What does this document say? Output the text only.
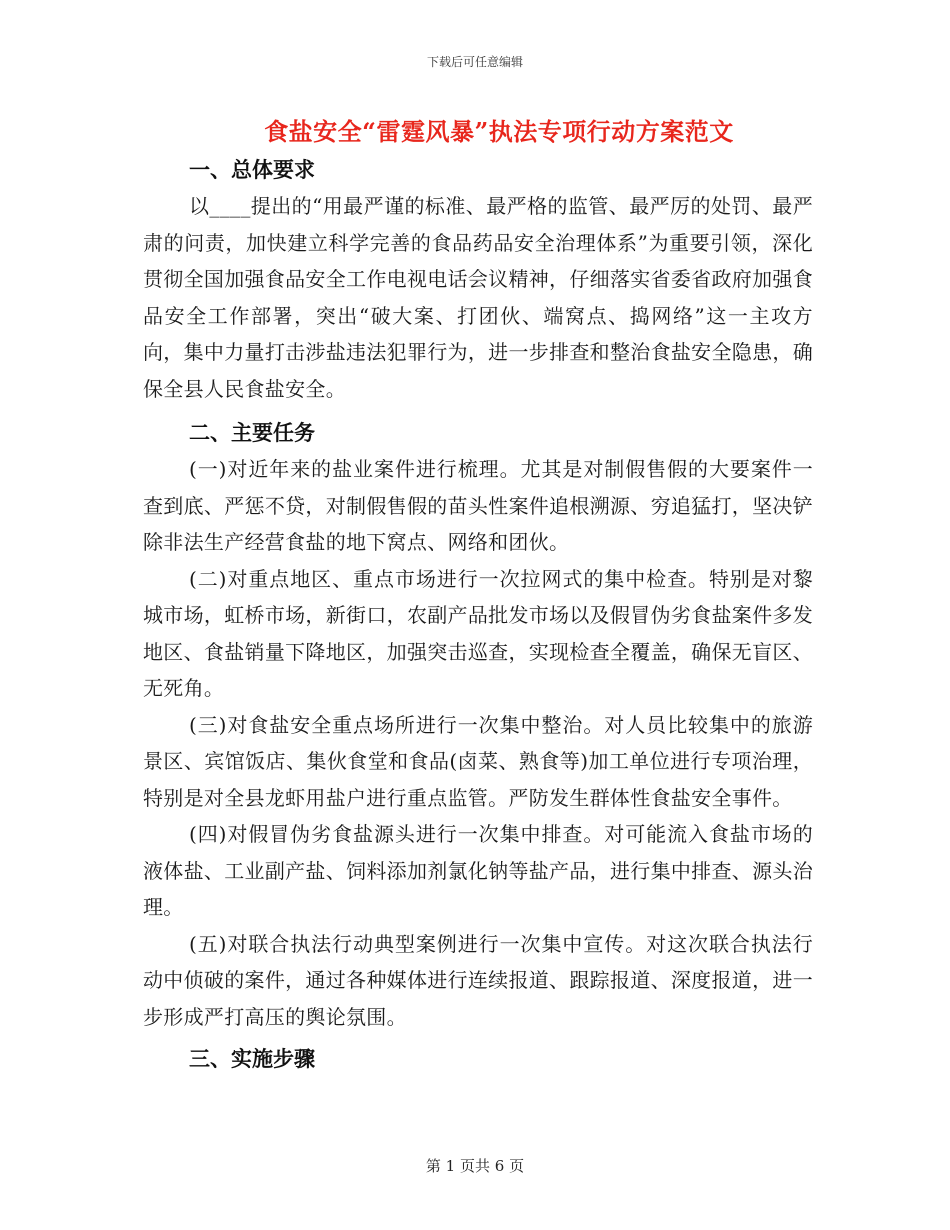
下载后可任意编辑
食盐安全“雷霆风暴”执法专项行动方案范文

一、总体要求

以____提出的“用最严谨的标准、最严格的监管、最严厉的处罚、最严肃的问责，加快建立科学完善的食品药品安全治理体系”为重要引领，深化贯彻全国加强食品安全工作电视电话会议精神，仔细落实省委省政府加强食品安全工作部署，突出“破大案、打团伙、端窝点、捣网络”这一主攻方向，集中力量打击涉盐违法犯罪行为，进一步排查和整治食盐安全隐患，确保全县人民食盐安全。

二、主要任务

(一)对近年来的盐业案件进行梳理。尤其是对制假售假的大要案件一查到底、严惩不贷，对制假售假的苗头性案件追根溯源、穷追猛打，坚决铲除非法生产经营食盐的地下窝点、网络和团伙。

(二)对重点地区、重点市场进行一次拉网式的集中检查。特别是对黎城市场，虹桥市场，新街口，农副产品批发市场以及假冒伪劣食盐案件多发地区、食盐销量下降地区，加强突击巡查，实现检查全覆盖，确保无盲区、无死角。

(三)对食盐安全重点场所进行一次集中整治。对人员比较集中的旅游景区、宾馆饭店、集伙食堂和食品(卤菜、熟食等)加工单位进行专项治理，特别是对全县龙虾用盐户进行重点监管。严防发生群体性食盐安全事件。

(四)对假冒伪劣食盐源头进行一次集中排查。对可能流入食盐市场的液体盐、工业副产盐、饲料添加剂氯化钠等盐产品，进行集中排查、源头治理。

(五)对联合执法行动典型案例进行一次集中宣传。对这次联合执法行动中侦破的案件，通过各种媒体进行连续报道、跟踪报道、深度报道，进一步形成严打高压的舆论氛围。

三、实施步骤

第 1 页共 6 页
